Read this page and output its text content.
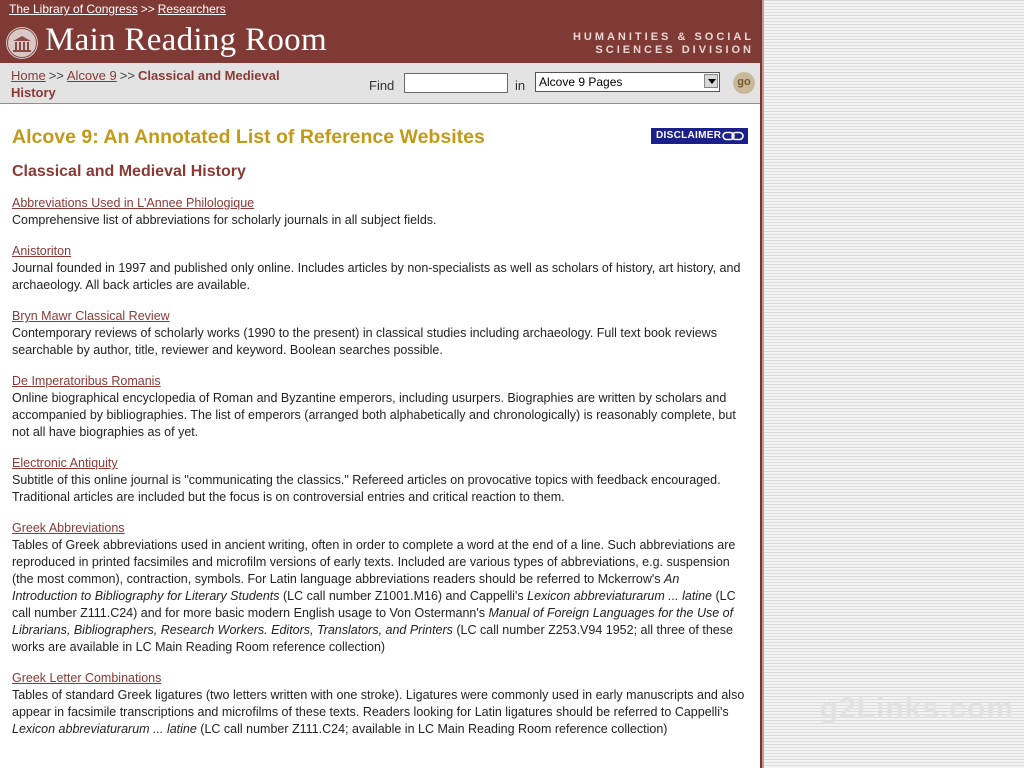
The Library of Congress >> Researchers
Main Reading Room	HUMANITIES & SOCIAL
SCIENCES DIVISION
Home >> Alcove 9 >> Classical and Medieval History	Find	in Alcove 9 Pages	go
Alcove 9: An Annotated List of Reference Websites	DISCLAIMER
Classical and Medieval History
Abbreviations Used in L'Annee Philologique
Comprehensive list of abbreviations for scholarly journals in all subject fields.
Anistoriton
Journal founded in 1997 and published only online. Includes articles by non-specialists as well as scholars of history, art history, and archaeology. All back articles are available.
Bryn Mawr Classical Review
Contemporary reviews of scholarly works (1990 to the present) in classical studies including archaeology. Full text book reviews searchable by author, title, reviewer and keyword. Boolean searches possible.
De Imperatoribus Romanis
Online biographical encyclopedia of Roman and Byzantine emperors, including usurpers. Biographies are written by scholars and accompanied by bibliographies. The list of emperors (arranged both alphabetically and chronologically) is reasonably complete, but not all have biographies as of yet.
Electronic Antiquity
Subtitle of this online journal is "communicating the classics." Refereed articles on provocative topics with feedback encouraged. Traditional articles are included but the focus is on controversial entries and critical reaction to them.
Greek Abbreviations
Tables of Greek abbreviations used in ancient writing, often in order to complete a word at the end of a line. Such abbreviations are reproduced in printed facsimiles and microfilm versions of early texts. Included are various types of abbreviations, e.g. suspension (the most common), contraction, symbols. For Latin language abbreviations readers should be referred to Mckerrow's An Introduction to Bibliography for Literary Students (LC call number Z1001.M16) and Cappelli's Lexicon abbreviaturarum ... latine (LC call number Z111.C24) and for more basic modern English usage to Von Ostermann's Manual of Foreign Languages for the Use of Librarians, Bibliographers, Research Workers. Editors, Translators, and Printers (LC call number Z253.V94 1952; all three of these works are available in LC Main Reading Room reference collection)
Greek Letter Combinations
Tables of standard Greek ligatures (two letters written with one stroke). Ligatures were commonly used in early manuscripts and also appear in facsimile transcriptions and microfilms of these texts. Readers looking for Latin ligatures should be referred to Cappelli's Lexicon abbreviaturarum ... latine (LC call number Z111.C24; available in LC Main Reading Room reference collection)
g2Links.com
